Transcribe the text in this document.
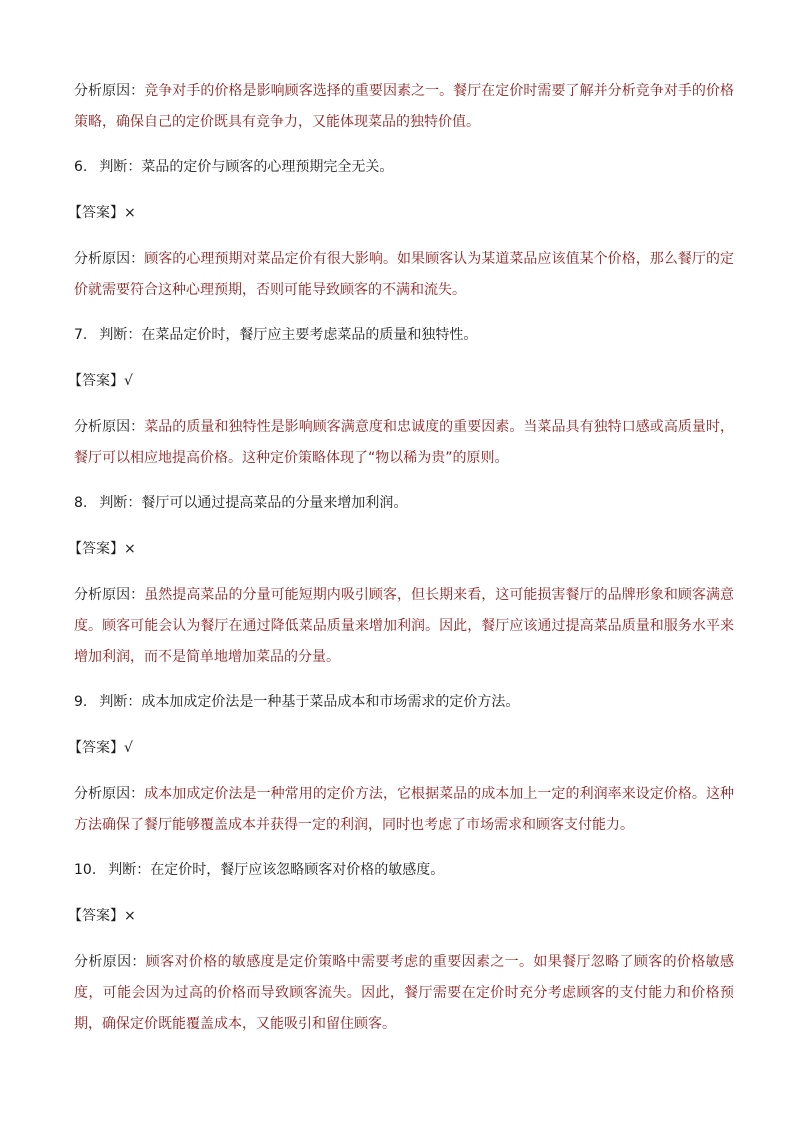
分析原因：竞争对手的价格是影响顾客选择的重要因素之一。餐厅在定价时需要了解并分析竞争对手的价格策略，确保自己的定价既具有竞争力，又能体现菜品的独特价值。

6. 判断：菜品的定价与顾客的心理预期完全无关。

【答案】×

分析原因：顾客的心理预期对菜品定价有很大影响。如果顾客认为某道菜品应该值某个价格，那么餐厅的定价就需要符合这种心理预期，否则可能导致顾客的不满和流失。

7. 判断：在菜品定价时，餐厅应主要考虑菜品的质量和独特性。

【答案】√

分析原因：菜品的质量和独特性是影响顾客满意度和忠诚度的重要因素。当菜品具有独特口感或高质量时，餐厅可以相应地提高价格。这种定价策略体现了“物以稀为贵”的原则。

8. 判断：餐厅可以通过提高菜品的分量来增加利润。

【答案】×

分析原因：虽然提高菜品的分量可能短期内吸引顾客，但长期来看，这可能损害餐厅的品牌形象和顾客满意度。顾客可能会认为餐厅在通过降低菜品质量来增加利润。因此，餐厅应该通过提高菜品质量和服务水平来增加利润，而不是简单地增加菜品的分量。

9. 判断：成本加成定价法是一种基于菜品成本和市场需求的定价方法。

【答案】√

分析原因：成本加成定价法是一种常用的定价方法，它根据菜品的成本加上一定的利润率来设定价格。这种方法确保了餐厅能够覆盖成本并获得一定的利润，同时也考虑了市场需求和顾客支付能力。

10. 判断：在定价时，餐厅应该忽略顾客对价格的敏感度。

【答案】×

分析原因：顾客对价格的敏感度是定价策略中需要考虑的重要因素之一。如果餐厅忽略了顾客的价格敏感度，可能会因为过高的价格而导致顾客流失。因此，餐厅需要在定价时充分考虑顾客的支付能力和价格预期，确保定价既能覆盖成本，又能吸引和留住顾客。
